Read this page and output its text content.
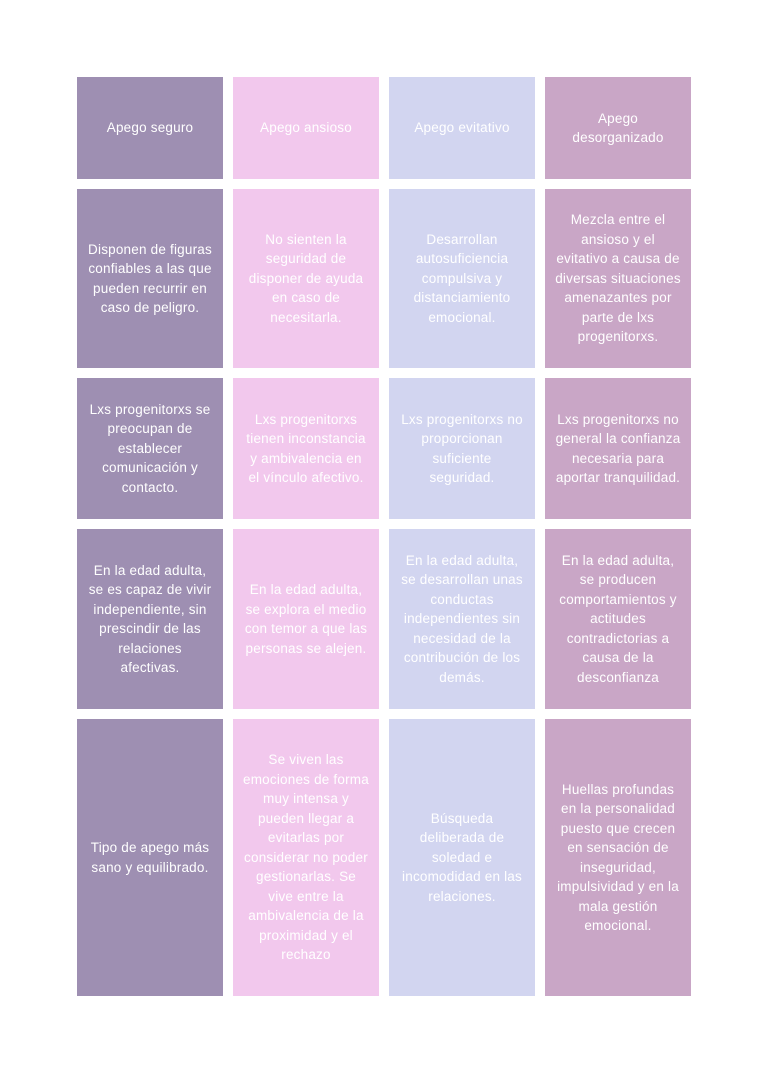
Apego seguro	Apego ansioso	Apego evitativo
Apego desorganizado
Disponen de figuras confiables a las que pueden recurrir en caso de peligro.
No sienten la seguridad de disponer de ayuda en caso de necesitarla.
Desarrollan autosuficiencia compulsiva y distanciamiento emocional.
Mezcla entre el ansioso y el evitativo a causa de diversas situaciones amenazantes por parte de lxs progenitorxs.
Lxs progenitorxs se preocupan de establecer comunicación y contacto.
Lxs progenitorxs tienen inconstancia y ambivalencia en el vínculo afectivo.
Lxs progenitorxs no proporcionan suficiente seguridad.
Lxs progenitorxs no general la confianza necesaria para aportar tranquilidad.
En la edad adulta, se es capaz de vivir independiente, sin prescindir de las relaciones afectivas.
En la edad adulta, se explora el medio con temor a que las personas se alejen.
En la edad adulta, se desarrollan unas conductas independientes sin necesidad de la contribución de los demás.
En la edad adulta, se producen comportamientos y actitudes contradictorias a causa de la desconfianza
Tipo de apego más sano y equilibrado.
Se viven las emociones de forma muy intensa y pueden llegar a evitarlas por considerar no poder gestionarlas. Se vive entre la ambivalencia de la proximidad y el rechazo
Búsqueda deliberada de soledad e incomodidad en las relaciones.
Huellas profundas en la personalidad puesto que crecen en sensación de inseguridad, impulsividad y en la mala gestión emocional.
